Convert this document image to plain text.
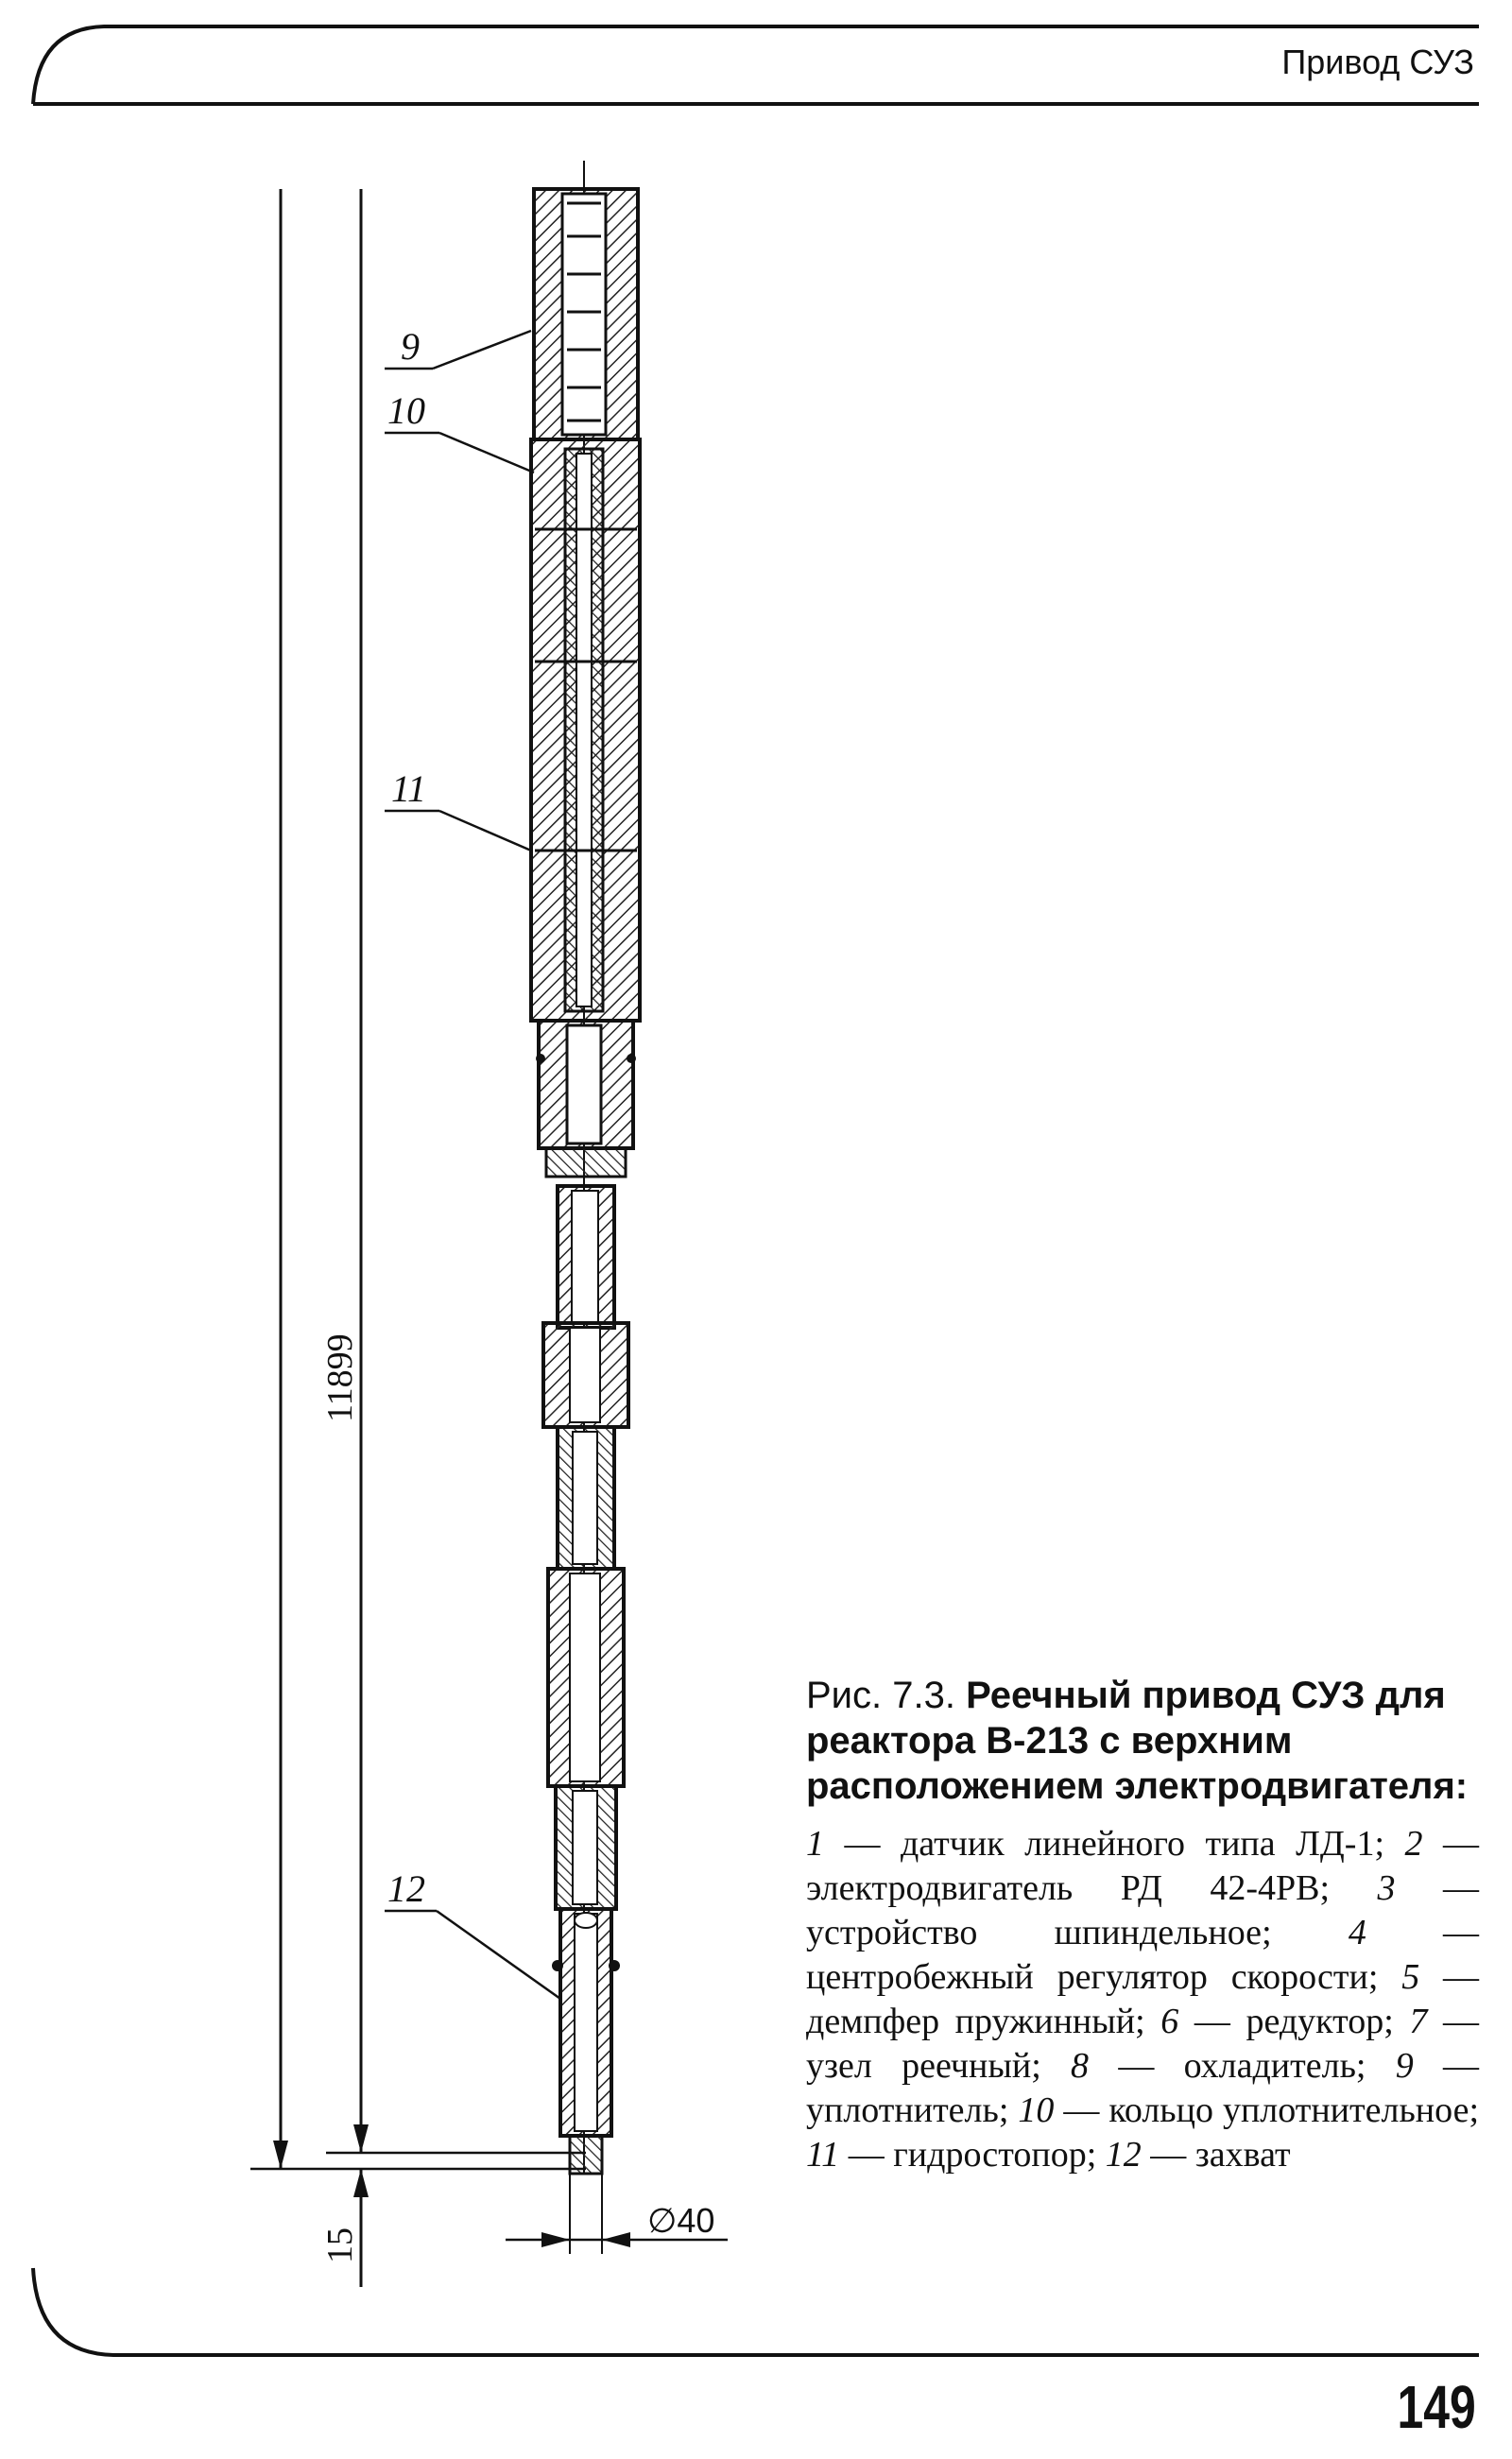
Привод СУЗ
9
10
11
12
11899
15
∅40

Рис. 7.3. Реечный привод СУЗ для реактора В-213 с верхним расположением электродвигателя:

1 — датчик линейного типа ЛД-1; 2 — электродвигатель РД 42-4РВ; 3 — устройство шпиндельное; 4 — центробежный регулятор скорости; 5 — демпфер пружинный; 6 — редуктор; 7 — узел реечный; 8 — охладитель; 9 — уплотнитель; 10 — кольцо уплотнительное; 11 — гидростопор; 12 — захват
149
